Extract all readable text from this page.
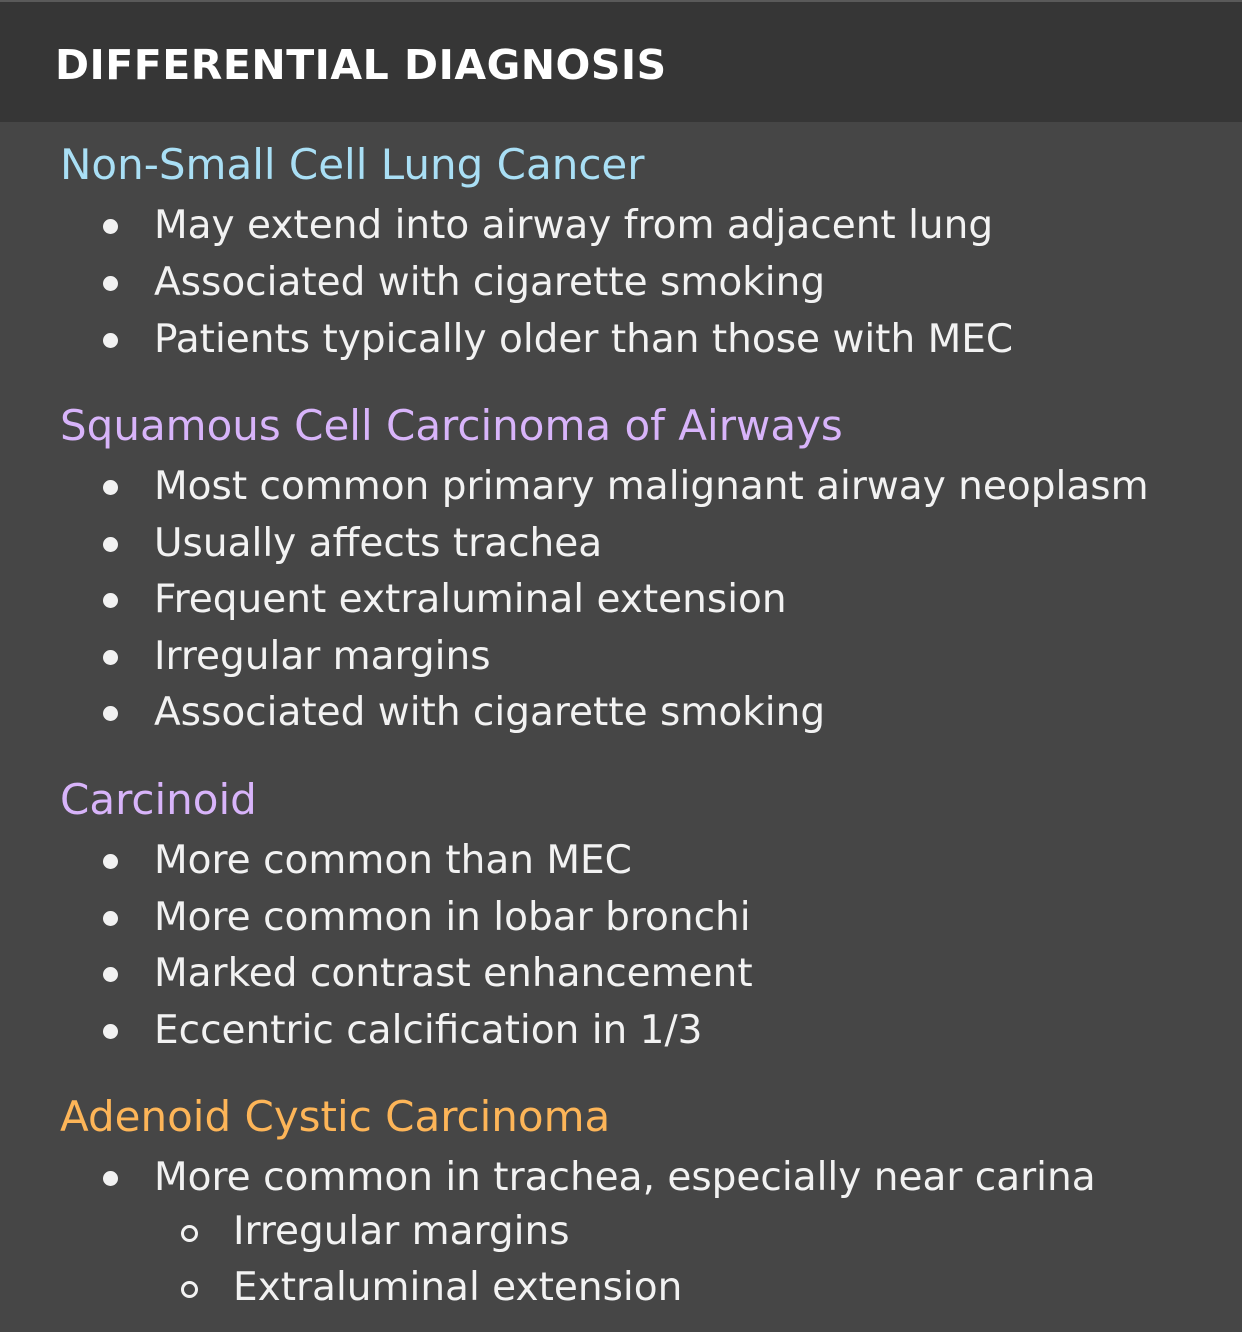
DIFFERENTIAL DIAGNOSIS
Non-Small Cell Lung Cancer
May extend into airway from adjacent lung
Associated with cigarette smoking
Patients typically older than those with MEC
Squamous Cell Carcinoma of Airways
Most common primary malignant airway neoplasm
Usually affects trachea
Frequent extraluminal extension
Irregular margins
Associated with cigarette smoking
Carcinoid
More common than MEC
More common in lobar bronchi
Marked contrast enhancement
Eccentric calcification in 1/3
Adenoid Cystic Carcinoma
More common in trachea, especially near carina
Irregular margins
Extraluminal extension
